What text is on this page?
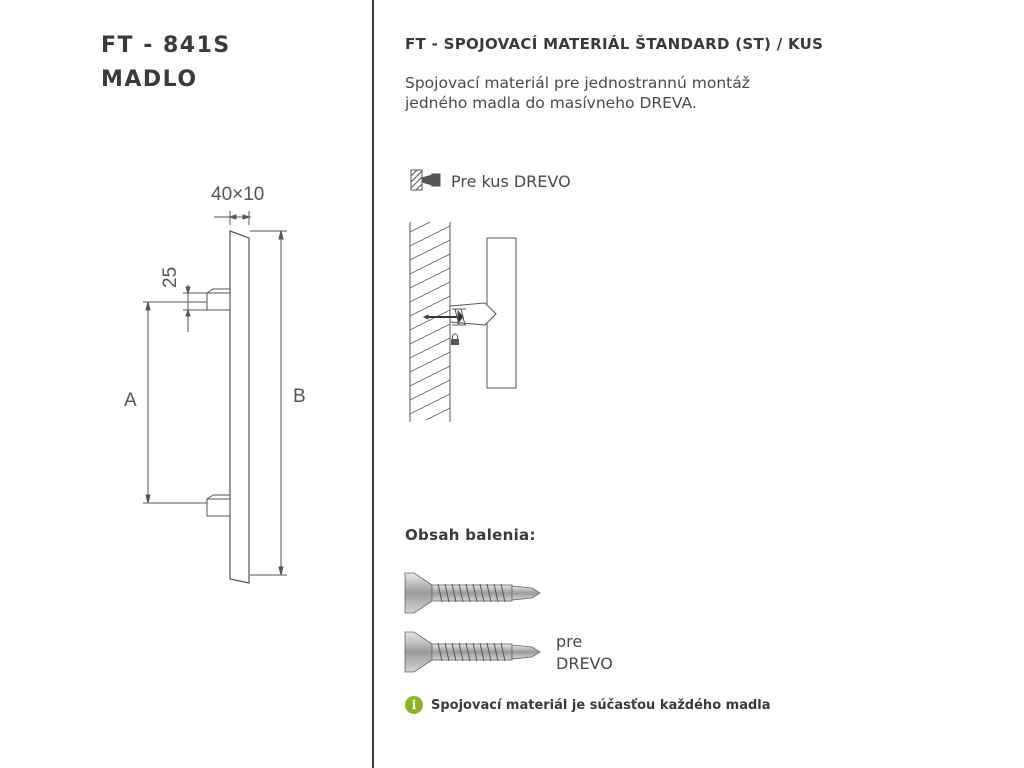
FT - 841S
MADLO
40×10
25
A	B
FT - SPOJOVACÍ MATERIÁL ŠTANDARD (ST) / KUS
Spojovací materiál pre jednostrannú montáž
jedného madla do masívneho DREVA.
Pre kus DREVO
Obsah balenia:
pre
DREVO
i	Spojovací materiál je súčasťou každého madla
